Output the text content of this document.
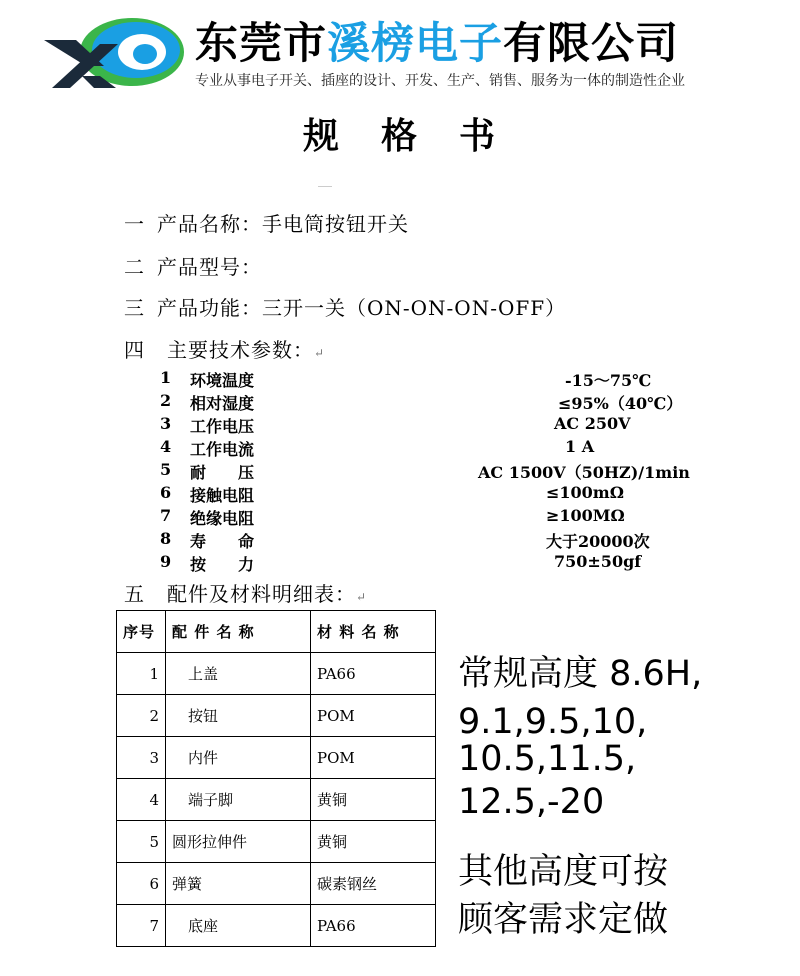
东莞市溪榜电子有限公司
专业从事电子开关、插座的设计、开发、生产、销售、服务为一体的制造性企业
规 格 书
一 产品名称：手电筒按钮开关
二 产品型号：
三 产品功能：三开一关（ON-ON-ON-OFF）
四 主要技术参数：↵
1 环境温度	-15～75℃
2 相对湿度	≤95%（40℃）
3 工作电压	AC 250V
4 工作电流	1 A
5 耐　　压	AC 1500V（50HZ)/1min
6 接触电阻	≤100mΩ
7 绝缘电阻	≥100MΩ
8 寿　　命	大于20000次
9 按　　力	750±50gf
五 配件及材料明细表：↵
序号	配 件 名 称	材 料 名 称
1	上盖	PA66
2	按钮	POM
3	内件	POM
4	端子脚	黄铜
5	圆形拉伸件	黄铜
6	弹簧	碳素钢丝
7	底座	PA66
常规高度 8.6H,
9.1,9.5,10,
10.5,11.5,
12.5,-20
其他高度可按
顾客需求定做
